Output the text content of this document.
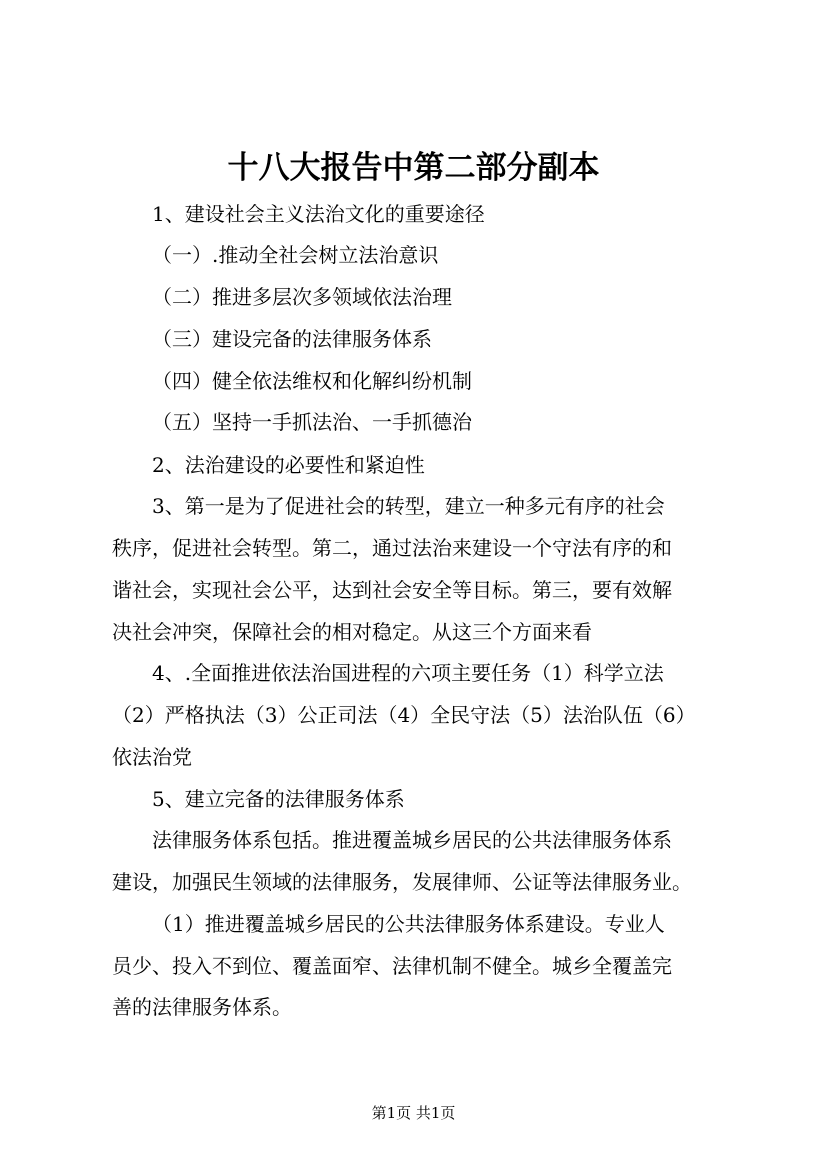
十八大报告中第二部分副本
1、建设社会主义法治文化的重要途径
（一）.推动全社会树立法治意识
（二）推进多层次多领域依法治理
（三）建设完备的法律服务体系
（四）健全依法维权和化解纠纷机制
（五）坚持一手抓法治、一手抓德治
2、法治建设的必要性和紧迫性
3、第一是为了促进社会的转型，建立一种多元有序的社会
秩序，促进社会转型。第二，通过法治来建设一个守法有序的和
谐社会，实现社会公平，达到社会安全等目标。第三，要有效解
决社会冲突，保障社会的相对稳定。从这三个方面来看
4、.全面推进依法治国进程的六项主要任务（1）科学立法
（2）严格执法（3）公正司法（4）全民守法（5）法治队伍（6）
依法治党
5、建立完备的法律服务体系
法律服务体系包括。推进覆盖城乡居民的公共法律服务体系
建设，加强民生领域的法律服务，发展律师、公证等法律服务业。
（1）推进覆盖城乡居民的公共法律服务体系建设。专业人
员少、投入不到位、覆盖面窄、法律机制不健全。城乡全覆盖完
善的法律服务体系。
第1页 共1页
